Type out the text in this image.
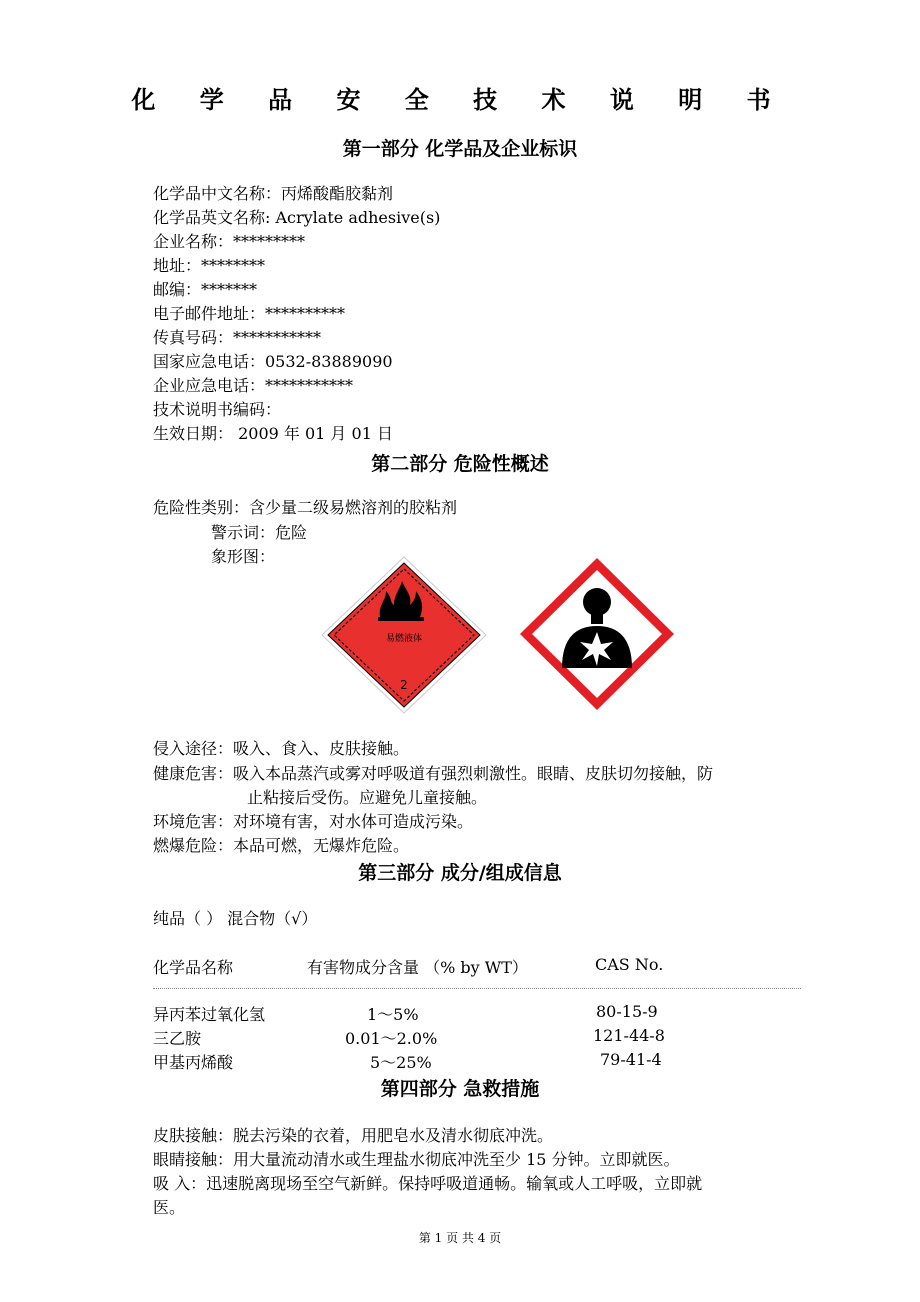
化 学 品 安 全 技 术 说 明 书
第一部分 化学品及企业标识
化学品中文名称：丙烯酸酯胶黏剂
化学品英文名称: Acrylate adhesive(s)
企业名称：*********
地址：********
邮编：*******
电子邮件地址：**********
传真号码：***********
国家应急电话：0532-83889090
企业应急电话：***********
技术说明书编码：
生效日期： 2009 年 01 月 01 日
第二部分 危险性概述
危险性类别：含少量二级易燃溶剂的胶粘剂
警示词：危险
象形图：
易燃液体
2
侵入途径：吸入、食入、皮肤接触。
健康危害：吸入本品蒸汽或雾对呼吸道有强烈刺激性。眼睛、皮肤切勿接触，防
止粘接后受伤。应避免儿童接触。
环境危害：对环境有害，对水体可造成污染。
燃爆危险：本品可燃，无爆炸危险。
第三部分 成分/组成信息
纯品（ ） 混合物（√）
化学品名称	有害物成分含量 （% by WT）	CAS No.
异丙苯过氧化氢	1～5%	80-15-9
三乙胺	0.01～2.0%	121-44-8
甲基丙烯酸	5～25%	79-41-4
第四部分 急救措施
皮肤接触：脱去污染的衣着，用肥皂水及清水彻底冲洗。
眼睛接触：用大量流动清水或生理盐水彻底冲洗至少 15 分钟。立即就医。
吸 入：迅速脱离现场至空气新鲜。保持呼吸道通畅。输氧或人工呼吸，立即就
医。
第 1 页 共 4 页
